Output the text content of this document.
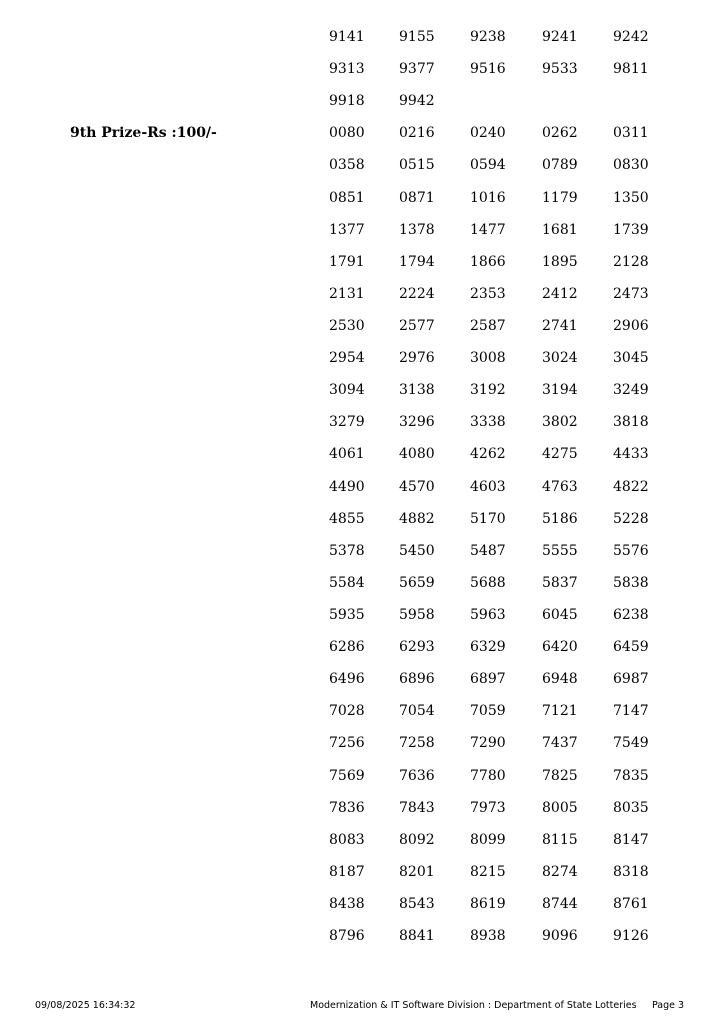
9141 9155	9238	9241	9242
9313 9377	9516	9533	9811
9918 9942
9th Prize-Rs :100/-	0080 0216	0240	0262	0311
0358 0515	0594	0789	0830
0851 0871	1016	1179	1350
1377 1378	1477	1681	1739
1791 1794	1866	1895	2128
2131 2224	2353	2412	2473
2530 2577	2587	2741	2906
2954 2976	3008	3024	3045
3094 3138	3192	3194	3249
3279 3296	3338	3802	3818
4061 4080	4262	4275	4433
4490 4570	4603	4763	4822
4855 4882	5170	5186	5228
5378 5450	5487	5555	5576
5584 5659	5688	5837	5838
5935 5958	5963	6045	6238
6286 6293	6329	6420	6459
6496 6896	6897	6948	6987
7028 7054	7059	7121	7147
7256 7258	7290	7437	7549
7569 7636	7780	7825	7835
7836 7843	7973	8005	8035
8083 8092	8099	8115	8147
8187 8201	8215	8274	8318
8438 8543	8619	8744	8761
8796 8841	8938	9096	9126
09/08/2025 16:34:32	Modernization & IT Software Division : Department of State Lotteries Page 3
